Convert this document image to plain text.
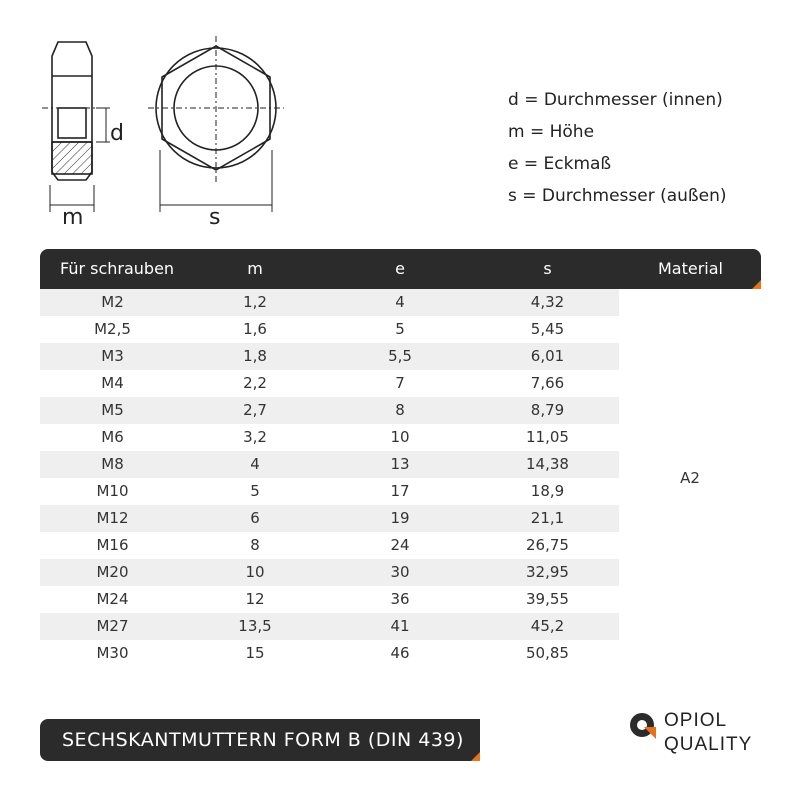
d
m	s
d = Durchmesser (innen)
m = Höhe
e = Eckmaß
s = Durchmesser (außen)
Für schrauben	m	e	s	Material
M2	1,2	4	4,32
M2,5	1,6	5	5,45
M3	1,8	5,5	6,01
M4	2,2	7	7,66
M5	2,7	8	8,79
M6	3,2	10	11,05
M8	4	13	14,38
M10	5	17	18,9
M12	6	19	21,1
M16	8	24	26,75
M20	10	30	32,95
M24	12	36	39,55
M27	13,5	41	45,2
M30	15	46	50,85
A2
SECHSKANTMUTTERN FORM B (DIN 439)
OPIOL
QUALITY
